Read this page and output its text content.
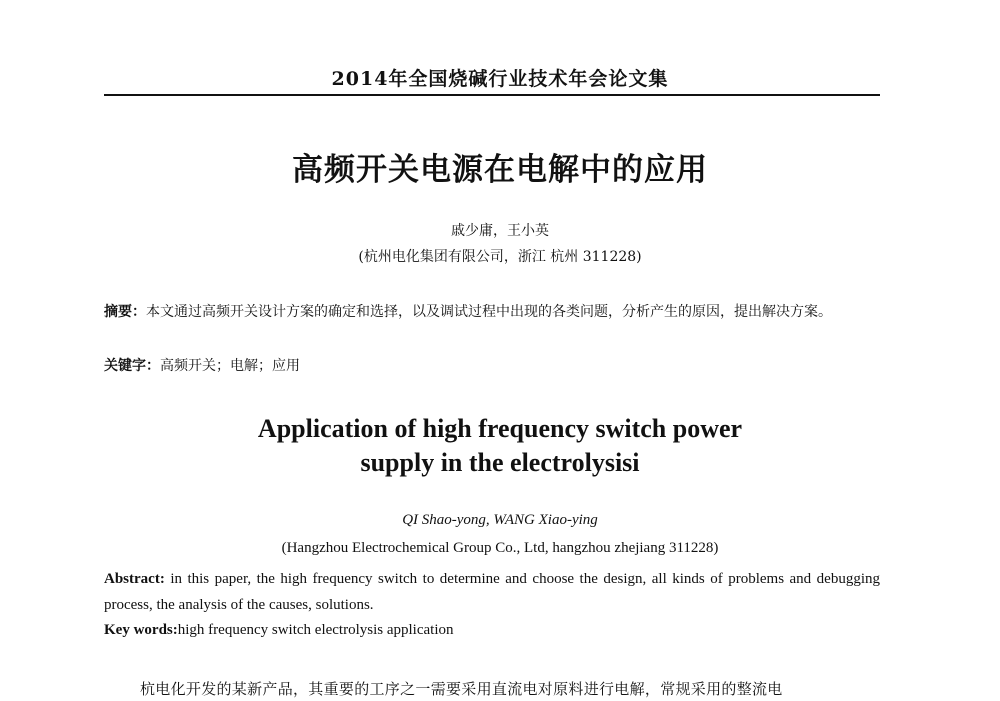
2014年全国烧碱行业技术年会论文集
高频开关电源在电解中的应用
戚少庸，王小英
(杭州电化集团有限公司，浙江 杭州 311228)
摘要：本文通过高频开关设计方案的确定和选择，以及调试过程中出现的各类问题，分析产生的原因，提出解决方案。
关键字：高频开关；电解；应用
Application of high frequency switch power
supply in the electrolysisi
QI Shao-yong, WANG Xiao-ying
(Hangzhou Electrochemical Group Co., Ltd, hangzhou zhejiang 311228)
Abstract: in this paper, the high frequency switch to determine and choose the design, all kinds of problems and debugging process, the analysis of the causes, solutions.
Key words:high frequency switch electrolysis application
杭电化开发的某新产品，其重要的工序之一需要采用直流电对原料进行电解，常规采用的整流电
